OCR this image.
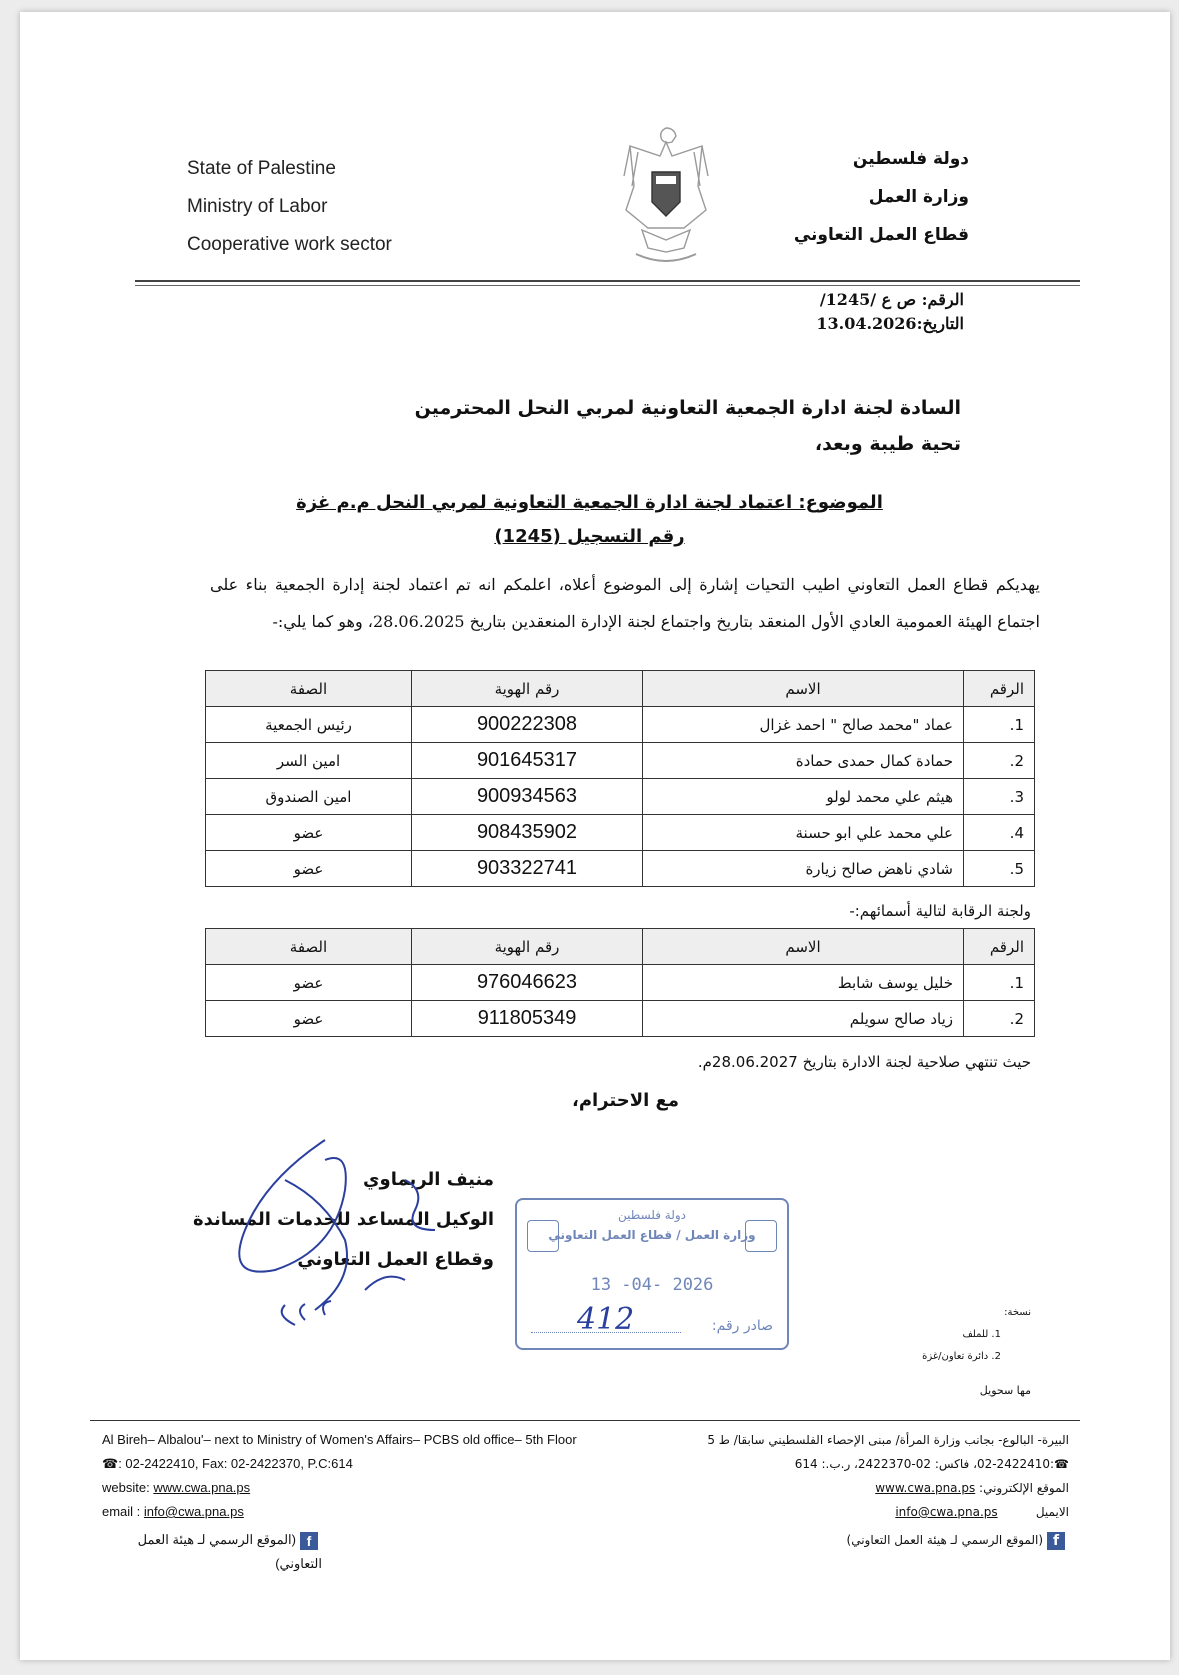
State of Palestine
Ministry of Labor
Cooperative work sector
دولة فلسطين
وزارة العمل
قطاع العمل التعاوني
الرقم: ص ع /1245/
التاريخ:13.04.2026
السادة لجنة ادارة الجمعية التعاونية لمربي النحل المحترمين
تحية طيبة وبعد،
الموضوع: اعتماد لجنة ادارة الجمعية التعاونية لمربي النحل م.م غزة
رقم التسجيل (1245)
يهديكم قطاع العمل التعاوني اطيب التحيات إشارة إلى الموضوع أعلاه، اعلمكم انه تم اعتماد لجنة إدارة الجمعية بناء على اجتماع الهيئة العمومية العادي الأول المنعقد بتاريخ واجتماع لجنة الإدارة المنعقدين بتاريخ 28.06.2025، وهو كما يلي:-
الرقم	الاسم	رقم الهوية	الصفة
1.	عماد "محمد صالح " احمد غزال	900222308	رئيس الجمعية
2.	حمادة كمال حمدى حمادة	901645317	امين السر
3.	هيثم علي محمد لولو	900934563	امين الصندوق
4.	علي محمد علي ابو حسنة	908435902	عضو
5.	شادي ناهض صالح زيارة	903322741	عضو
ولجنة الرقابة لتالية أسمائهم:-
الرقم	الاسم	رقم الهوية	الصفة
1.	خليل يوسف شابط	976046623	عضو
2.	زياد صالح سويلم	911805349	عضو
حيث تنتهي صلاحية لجنة الادارة بتاريخ 28.06.2027م.
مع الاحترام،
منيف الريماوي
الوكيل المساعد للخدمات المساندة
وقطاع العمل التعاوني
دولة فلسطين
وزارة العمل / قطاع العمل التعاوني
13 -04- 2026
صادر رقم:
412	نسخة:
1. للملف
2. دائرة تعاون/غزة
مها سحويل
Al Bireh– Albalou'– next to Ministry of Women's Affairs– PCBS old office– 5th Floor
☎: 02-2422410, Fax: 02-2422370, P.C:614
website: www.cwa.pna.ps
email : info@cwa.pna.ps
f(الموقع الرسمي لـ هيئة العمل التعاوني)
البيرة- البالوع- بجانب وزارة المرأة/ مبنى الإحصاء الفلسطيني سابقا/ ط 5
☎:02-2422410، فاكس: 02-2422370، ر.ب.: 614
الموقع الإلكتروني: www.cwa.pna.ps
الايميل          info@cwa.pna.ps
f(الموقع الرسمي لـ هيئة العمل التعاوني)
